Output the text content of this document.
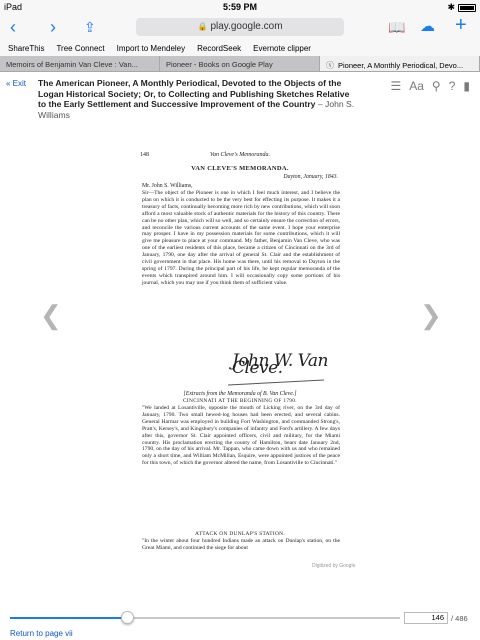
iPad	5:59 PM	✱
‹ › ⇪	🔒 play.google.com	📖 ☁ +
ShareThis Tree Connect Import to Mendeley RecordSeek Evernote clipper
Memoirs of Benjamin Van Cleve : Van...	Pioneer - Books on Google Play	ⓧ Pioneer, A Monthly Periodical, Devo...
« Exit The American Pioneer, A Monthly Periodical, Devoted to the Objects of the Logan Historical Society; Or, to Collecting and Publishing Sketches Relative to the Early Settlement and Successive Improvement of the Country – John S. Williams
☰ Aa ⚲ ? ▮
❮	❯
148	Van Cleve's Memoranda.
VAN CLEVE'S MEMORANDA.
Dayton, January, 1843.
Mr. John S. Williams,
Sir—The object of the Pioneer is one in which I feel much interest, and I believe the plan on which it is conducted to be the very best for effecting its purpose. It makes it a treasury of facts, continually becoming more rich by new contributions, which will soon afford a most valuable stock of authentic materials for the history of this country. There can be no other plan, which will so well, and so certainly ensure the correction of errors, and reconcile the various current accounts of the same event. I hope your enterprise may prosper. I have in my possession materials for some contributions, which it will give me pleasure to place at your command. My father, Benjamin Van Cleve, who was one of the earliest residents of this place, became a citizen of Cincinnati on the 3rd of January, 1790, one day after the arrival of general St. Clair and the establishment of civil government in that place. His home was there, until his removal to Dayton in the spring of 1797. During the principal part of his life, he kept regular memoranda of the events which transpired around him. I will occasionally copy some portions of his journal, which you may use if you think them of sufficient value.
John W. Van Cleve.
[Extracts from the Memoranda of B. Van Cleve.]
CINCINNATI AT THE BEGINNING OF 1790.
"We landed at Losantiville, opposite the mouth of Licking river, on the 3rd day of January, 1790. Two small hewed-log houses had been erected, and several cabins. General Harmar was employed in building Fort Washington, and commanded Strong's, Pratt's, Kersey's, and Kingsbury's companies of infantry and Ford's artillery. A few days after this, governor St. Clair appointed officers, civil and military, for the Miami country. His proclamation erecting the county of Hamilton, bears date January 2nd, 1790, on the day of his arrival. Mr. Tappan, who came down with us and who remained only a short time, and William McMillan, Esquire, were appointed justices of the peace for this town, of which the governor altered the name, from Losantiville to Cincinnati."
ATTACK ON DUNLAP'S STATION.
"In the winter about four hundred Indians made an attack on Dunlap's station, on the Great Miami, and continued the siege for about
Digitized by Google
146 / 486
Return to page vii
